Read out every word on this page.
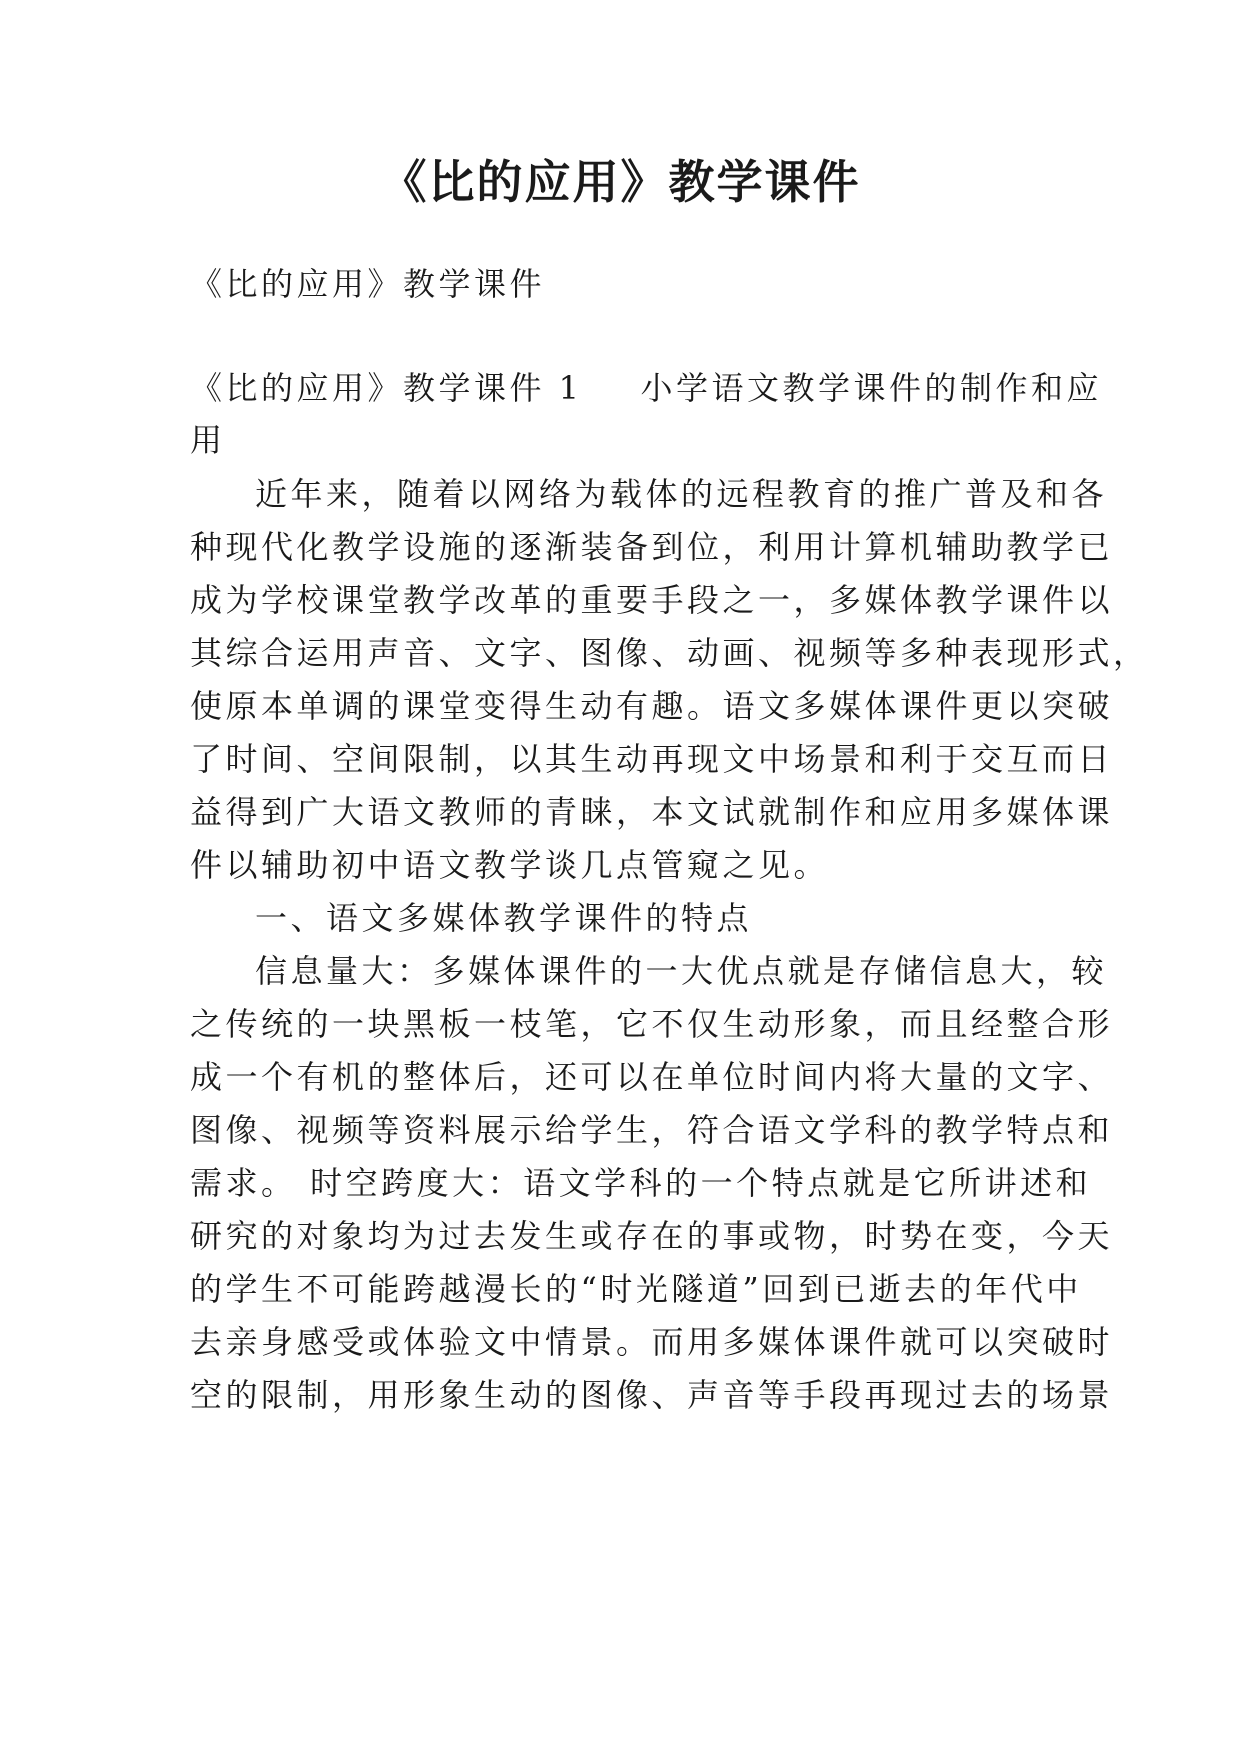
《比的应用》教学课件
《比的应用》教学课件
《比的应用》教学课件 1 小学语文教学课件的制作和应
用
近年来，随着以网络为载体的远程教育的推广普及和各
种现代化教学设施的逐渐装备到位，利用计算机辅助教学已
成为学校课堂教学改革的重要手段之一，多媒体教学课件以
其综合运用声音、文字、图像、动画、视频等多种表现形式，
使原本单调的课堂变得生动有趣。语文多媒体课件更以突破
了时间、空间限制，以其生动再现文中场景和利于交互而日
益得到广大语文教师的青睐，本文试就制作和应用多媒体课
件以辅助初中语文教学谈几点管窥之见。
一、语文多媒体教学课件的特点
信息量大：多媒体课件的一大优点就是存储信息大，较
之传统的一块黑板一枝笔，它不仅生动形象，而且经整合形
成一个有机的整体后，还可以在单位时间内将大量的文字、
图像、视频等资料展示给学生，符合语文学科的教学特点和
需求。 时空跨度大：语文学科的一个特点就是它所讲述和
研究的对象均为过去发生或存在的事或物，时势在变，今天
的学生不可能跨越漫长的“时光隧道”回到已逝去的年代中
去亲身感受或体验文中情景。而用多媒体课件就可以突破时
空的限制，用形象生动的图像、声音等手段再现过去的场景
